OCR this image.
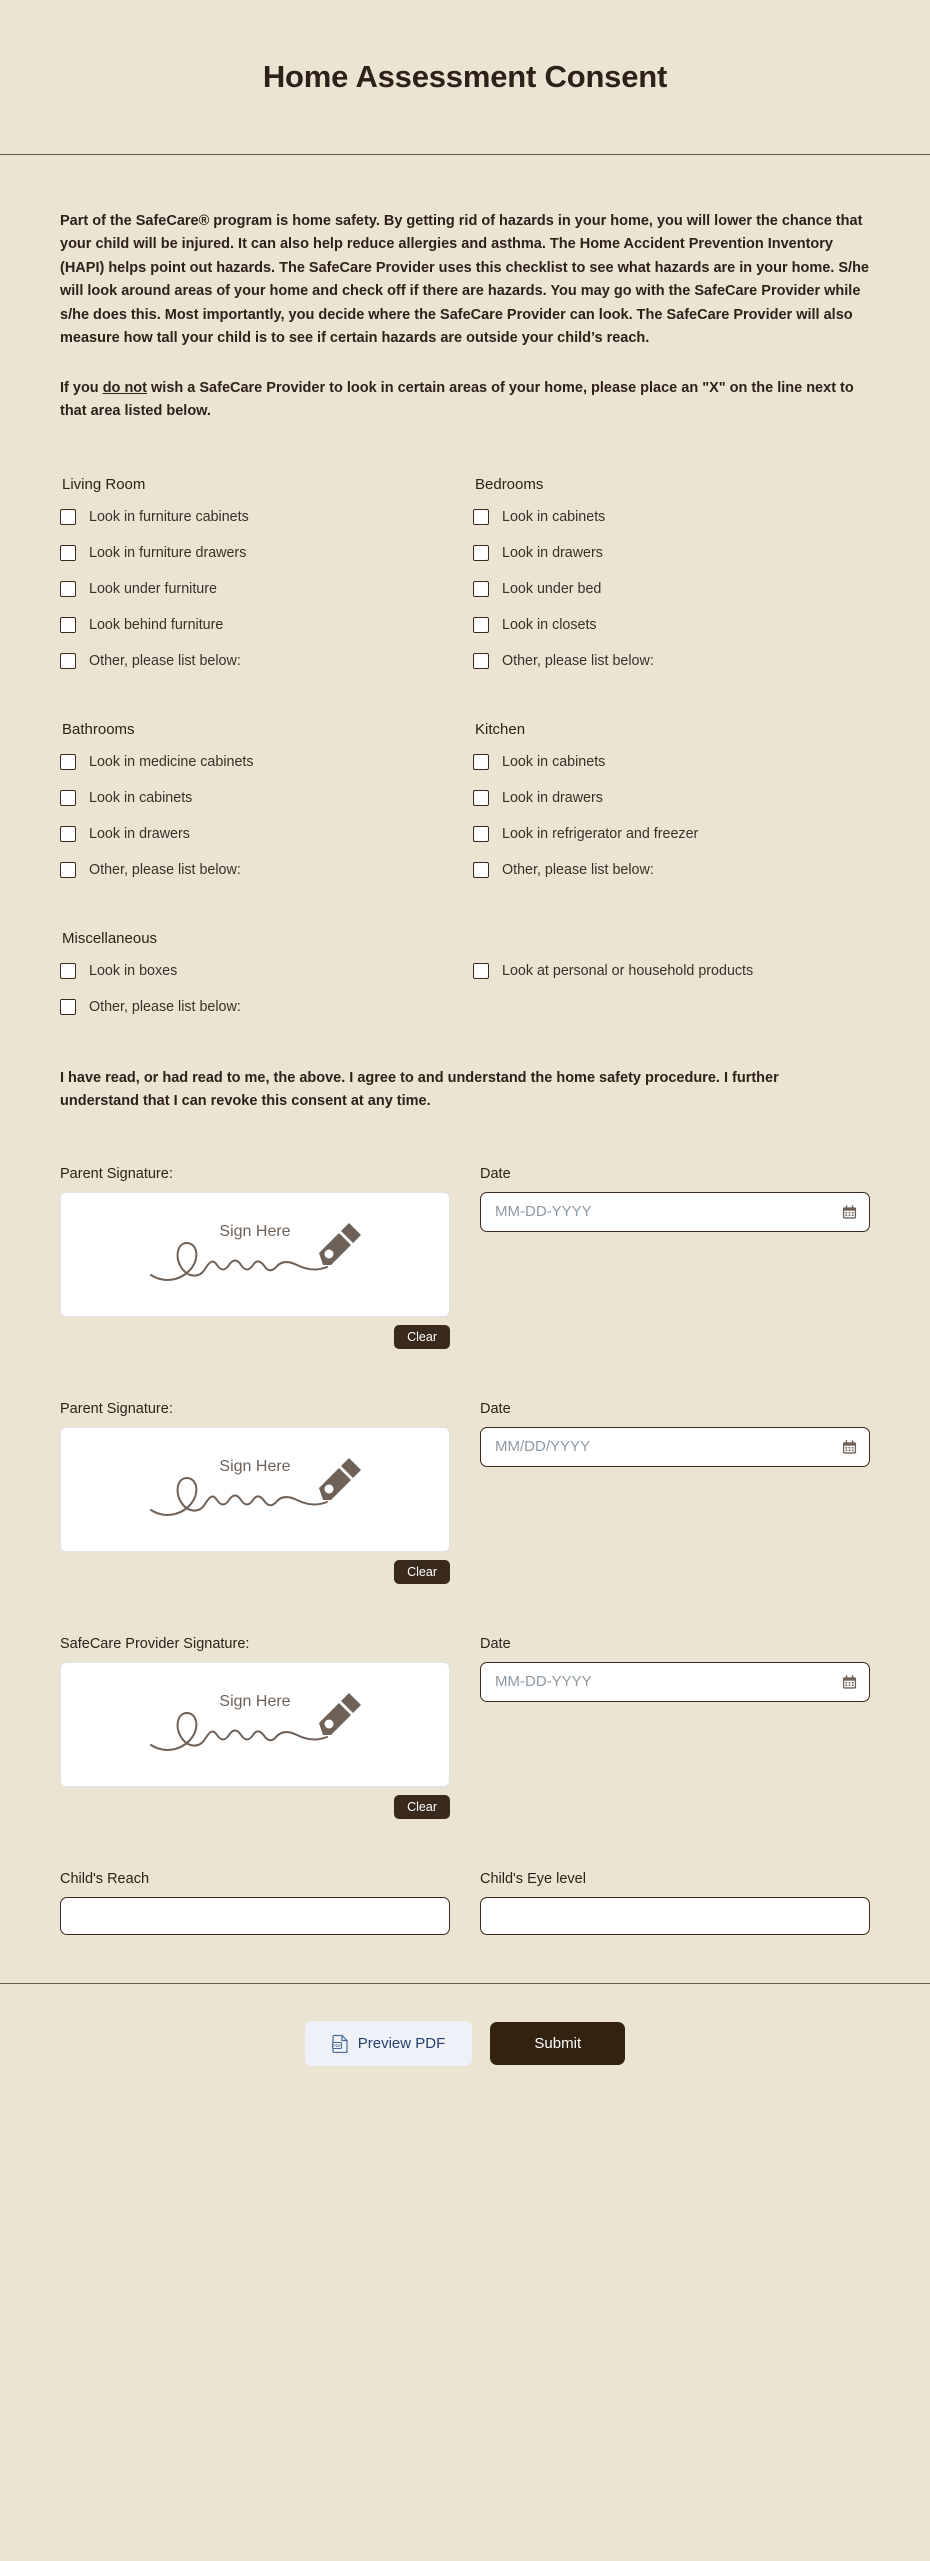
Home Assessment Consent

Part of the SafeCare® program is home safety. By getting rid of hazards in your home, you will lower the chance that your child will be injured. It can also help reduce allergies and asthma. The Home Accident Prevention Inventory (HAPI) helps point out hazards. The SafeCare Provider uses this checklist to see what hazards are in your home. S/he will look around areas of your home and check off if there are hazards. You may go with the SafeCare Provider while s/he does this. Most importantly, you decide where the SafeCare Provider can look. The SafeCare Provider will also measure how tall your child is to see if certain hazards are outside your child’s reach.

If you do not wish a SafeCare Provider to look in certain areas of your home, please place an "X" on the line next to that area listed below.

Living Room
Look in furniture cabinets
Look in furniture drawers
Look under furniture
Look behind furniture
Other, please list below:
Bedrooms
Look in cabinets
Look in drawers
Look under bed
Look in closets
Other, please list below:
Bathrooms
Look in medicine cabinets
Look in cabinets
Look in drawers
Other, please list below:
Kitchen
Look in cabinets
Look in drawers
Look in refrigerator and freezer
Other, please list below:
Miscellaneous
Look in boxes
Other, please list below:
Look at personal or household products

I have read, or had read to me, the above. I agree to and understand the home safety procedure. I further understand that I can revoke this consent at any time.

Parent Signature:
Sign Here
Clear
Date
MM-DD-YYYY
Parent Signature:
Sign Here
Clear
Date
MM/DD/YYYY
SafeCare Provider Signature:
Sign Here
Clear
Date
MM-DD-YYYY
Child's Reach	Child's Eye level
PDF Preview PDF	Submit
